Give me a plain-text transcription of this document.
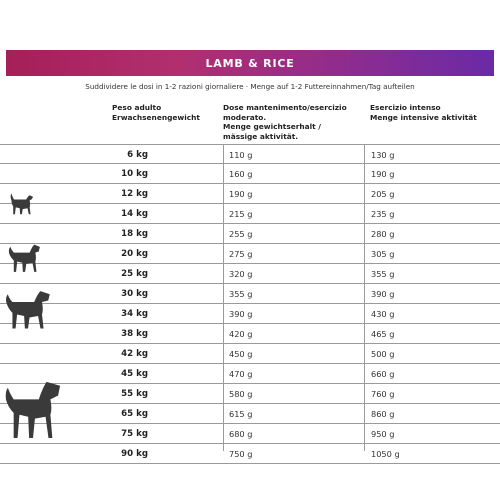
LAMB & RICE
Suddividere le dosi in 1-2 razioni giornaliere · Menge auf 1-2 Futtereinnahmen/Tag aufteilen
Peso adulto
Erwachsenengewicht
Dose mantenimento/esercizio
moderato.
Menge gewichtserhalt /
mässige aktivität.
Esercizio intenso
Menge intensive aktivität
6 kg	110 g	130 g
10 kg	160 g	190 g
12 kg	190 g	205 g
14 kg	215 g	235 g
18 kg	255 g	280 g
20 kg	275 g	305 g
25 kg	320 g	355 g
30 kg	355 g	390 g
34 kg	390 g	430 g
38 kg	420 g	465 g
42 kg	450 g	500 g
45 kg	470 g	660 g
55 kg	580 g	760 g
65 kg	615 g	860 g
75 kg	680 g	950 g
90 kg	750 g	1050 g
